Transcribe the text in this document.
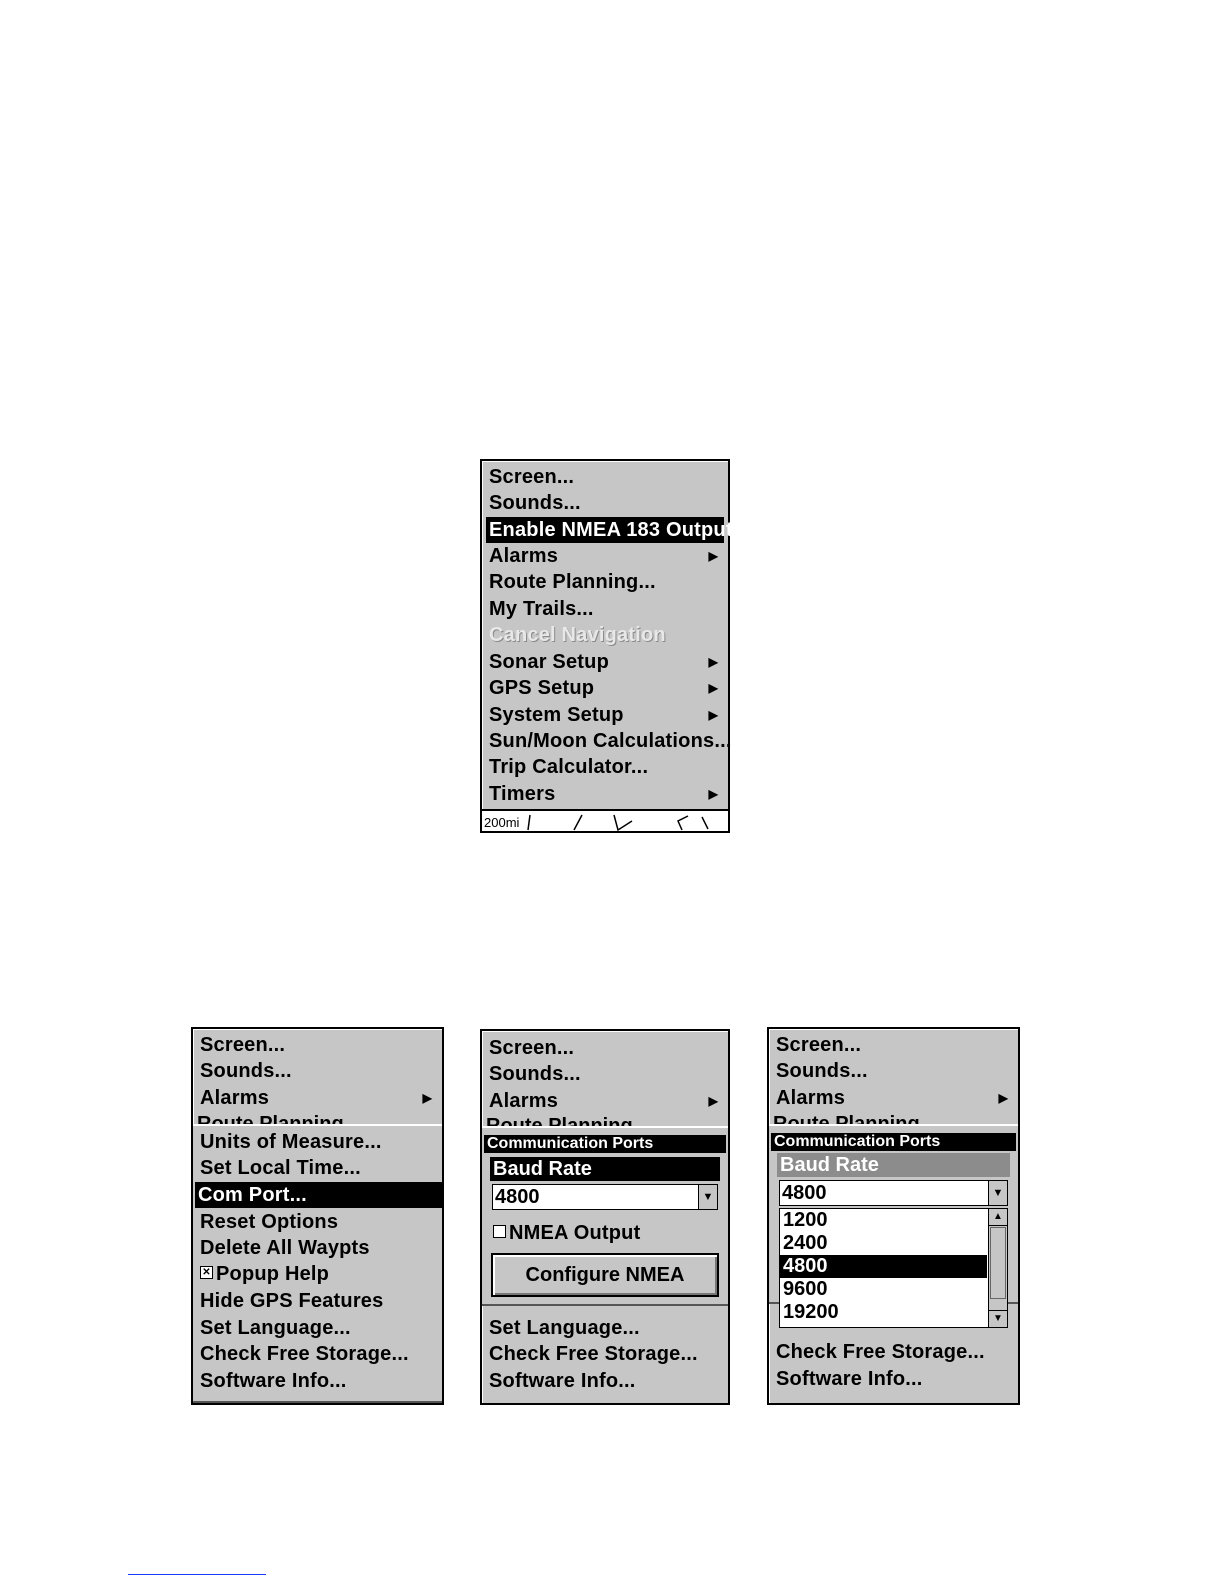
Screen...
Sounds...
Enable NMEA 183 Output
Alarms	▶
Route Planning...
My Trails...
Cancel Navigation
Sonar Setup	▶
GPS Setup	▶
System Setup	▶
Sun/Moon Calculations...
Trip Calculator...
Timers	▶
200mi
Screen...
Sounds...
Alarms	▶
Units of Measure...
Set Local Time...
Com Port...
Reset Options
Delete All Waypts
✕ Popup Help
Hide GPS Features
Set Language...
Check Free Storage...
Software Info...
Screen...
Sounds...
Alarms	▶
Communication Ports
Baud Rate
4800	▼
NMEA Output
Configure NMEA
Set Language...
Check Free Storage...
Software Info...
Screen...
Sounds...
Alarms	▶
Communication Ports
Baud Rate
4800	▼
1200
2400
4800
9600
19200
▲
▼
Check Free Storage...
Software Info...
